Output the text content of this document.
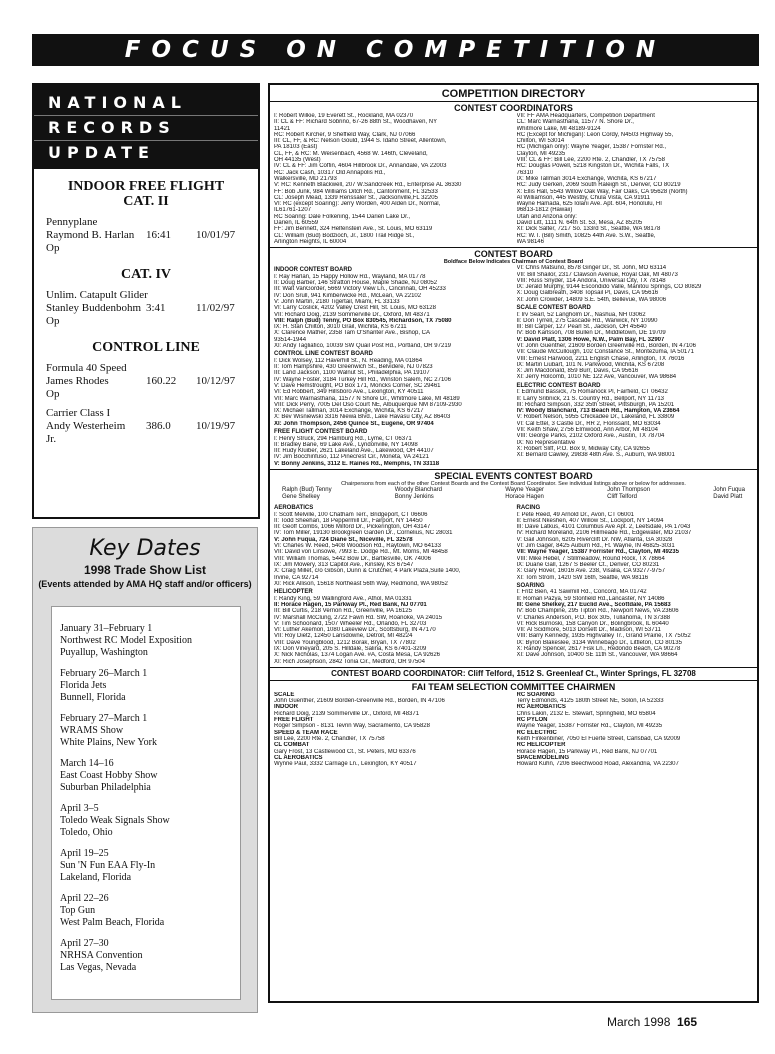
FOCUS ON COMPETITION
NATIONAL
RECORDS
UPDATE
INDOOR FREE FLIGHT
CAT. II
Pennyplane
Raymond B. Harlan 16:41 10/01/97
Op
CAT. IV
Unlim. Catapult Glider
Stanley Buddenbohm 3:41	11/02/97
Op
CONTROL LINE
Formula 40 Speed
James Rhodes	160.22 10/12/97
Op
Carrier Class I
Andy Westerheim 386.0 10/19/97
Jr.
Key Dates
1998 Trade Show List
(Events attended by AMA HQ staff and/or officers)
January 31–February 1
Northwest RC Model Exposition
Puyallup, Washington
February 26–March 1
Florida Jets
Bunnell, Florida
February 27–March 1
WRAMS Show
White Plains, New York
March 14–16
East Coast Hobby Show
Suburban Philadelphia
April 3–5
Toledo Weak Signals Show
Toledo, Ohio
April 19–25
Sun 'N Fun EAA Fly-In
Lakeland, Florida
April 22–26
Top Gun
West Palm Beach, Florida
April 27–30
NRHSA Convention
Las Vegas, Nevada
COMPETITION DIRECTORY
CONTEST COORDINATORS
I: Robert Wilkie, 19 Everett St., Rockland, MA 02370
II: CL & FF: Richard Sobrino, 67-26 88th St., Woodhaven, NY
11421
RC: Robert Kircher, 9 Sheffield Way, Clark, NJ 07066
III: CL, FF, & RC: Nelson Gould, 1944 S. Idaho Street, Allentown,
PA 18103 (East)
CL, FF, & RC: M. Weisenbach, 4568 W. 146th, Cleveland,
OH 44135 (West)
IV: CL & FF: Jim Coffin, 4604 Hillbrook Dr., Annandale, VA 22003
RC: Jack Cash, 10317 Old Annapolis Rd.,
Walkersville, MD 21793
V: RC: Kenneth Blackwell, 207 W.Sandcreek Rd., Enterprise AL 36330
FF: Bob Junk, 984 Williams Ditch Rd., Cantonment, FL 32533
CL: Joseph Mead, 1339 Renssaler St., Jacksonville,FL 32205
VI: RC (except Soaring): Jerry Worden, 400 Alden Dr., Normal,
IL61761-1207
RC Soaring: Dale Folkening, 1544 Darien Lake Dr.,
Darien, IL 60559
FF: Jim Bennett, 324 Helfenstein Ave., St. Louis, MO 63119
CL: William (Bud) Bodzioch, Jr., 1800 Trail Ridge St.,
Arlington Heights, IL 60004
VII: FF AMA Headquarters, Competition Department
CL: Marc Warnasthana, 11577 N. Shore Dr.,
Whitmore Lake, MI 48189-9124
RC (Except for Michigan): Leon Cordy, N4503 Highway 55,
Chilton, WI 53014
RC (Michigan only): Wayne Yeager, 15387 Forrister Rd.,
Clayton, MI 49235
VIII: CL & FF: Bill Lee, 2200 Rte. 2, Chandler, TX 75758
RC: Douglas Powell, 5218 Kingston Dr., Wichita Falls, TX
76310
IX: Mike Tallman 3014 Exchange, Wichita, KS 67217
RC: Judy Gerken, 2069 South Raleigh St., Denver, CO 80219
X: Ellis Hall, 5543 Willow Oak Way, Fair Oaks, CA 95628 (North)
Al Williamson, 445 Westby, Chula Vista, CA 91911
Wayne Hamada, 625 Iolani Ave. Apt. 604, Honolulu, HI
96813-1812 (Hawaii)
Utah and Arizona only:
David Litt, 1111 N. 64th St. 53, Mesa, AZ 85205
XI: Dick Salter, 7217 So. 133rd St., Seattle, WA 98178
RC: W.T. (Bill) Smith, 10825 44th Ave. S.W., Seattle,
WA 98146
CONTEST BOARD
Boldface Below Indicates Chairman of Contest Board
INDOOR CONTEST BOARD
I: Ray Harlan, 15 Happy Hollow Rd., Wayland, MA 01778
II: Doug Barber, 146 Stratton House, Maple Shade, NJ 08052
III: Walt VanGorder, 5669 Victory View Ln., Cincinnati, OH 45233
IV: Don Srull, 941 Kimberwicke Rd., McLean, VA 22102
V: John Martin, 2180 Tigertail, Miami, FL 33133
VI: Larry Coslick, 4202 Valley Crest Hill, St. Louis, MO 63128
VII: Richard Doig, 2139 Sommerville Dr., Oxford, MI 48371
VIII: Ralph (Bud) Tenny, PO Box 830545, Richardson, TX 75080
IX: H. Stan Chilton, 3010 Grail, Wichita, KS 67211
X: Clarence Mather, 2358 Tam O'Shanter Ave., Bishop, CA
93514-1944
XI: Andy Tagliafico, 10039 SW Quail Post Rd., Portland, OR 97219
CONTROL LINE CONTEST BOARD
I: Dick Wolsey, 112 Haverhill St., N. Reading, MA 01864
II: Tom Hampshire, 430 Greenwich St., Belvidere, NJ 07823
III: Larid Jackson, 1100 Walnut St., Philadelphia, PA 19107
IV: Wayne Foster, 3184 Turkey Hill Rd., Winston Salem, NC 27106
V: Dave Hemstrought, PO Box 171, Moncks Corner, SC 29461
VI: Ed Robbert, 349 Hillsboro Ave., Lexington, KY 40511
VII: Marc Warnasthana, 11577 N Shore Dr., Whitmore Lake, MI 48189
VIII: Dick Perry, 7005 Del Oso Court NE, Albuquerque NM 87109-2930
IX: Michael Tallman, 3014 Exchange, Wichita, KS 67217
X: Bev Wisniewski 3316 Niewa Blvd., Lake Havasu City, AZ 86403
XI: John Thompson, 2456 Quince St., Eugene, OR 97404
FREE FLIGHT CONTEST BOARD
I: Henry Struck, 294 Hamburg Rd., Lyme, CT 06371
II: Bradley Bane, 69 Lake Ave., Lyndonville, NY 14098
III: Rudy Kluiber, 2621 Lakeland Ave., Lakewood, OH 44107
IV: Jim Bocchinfuso, 112 Pinecrest Cir., Moneta, VA 24121
V: Bonny Jenkins, 3112 E. Raines Rd., Memphis, TN 33118
VI: Chris Matsuno, 8578 Ginger Dr., St. John, MO 63114
VII: Bill Shailor, 2317 Clawson Avenue, Royal Oak, MI 48073
VIII: Russ Snyder, 114 Andora, Universal City, TX 78148
IX: Jerald Murphy, 9144 Escondido Valle, Manitou Springs, CO 80829
X: Doug Galbreath, 3408 Topsail Pl, Davis, CA 95616
XI: John Crowder, 14809 S.E. 54th, Bellevue, WA 98006
SCALE CONTEST BOARD
I: Irv Searl, 52 Langholm Dr., Nashua, NH 03062
II: Don Tyrrell, 275 Cascade Rd., Warwick, NY 10990
III: Bill Carper, 127 Pearl St., Jackson, OH 45640
IV: Bob Karlsson, 708 Bullen Dr., Middletown, DE 19709
V: David Platt, 1306 Howe, N.W., Palm Bay, FL 32907
VI: John Guenther, 21609 Borden Greenville Rd., Borden, IN 47106
VII: Claude McCullough, 102 Constance St., Montezuma, IA 50171
VIII: Ernest Harwood, 2211 English Chase, Arlington, TX 76016
IX: Martin Liubart, 101 N. Parkwood, Wichita, KS 67208
X: Jim Macdonald, 859 Burr, Davis, CA 95616
XI: Jerry Holcomb, 1010 NE 122 Ave, Vancouver, WA 98684
ELECTRIC CONTEST BOARD
I: Edmund Bassick, 75 Romanock Pl, Fairfield, CT 06432
II: Larry Sribnick, 21 S. Country Rd., Bellport, NY 11713
III: Richard Simpson, 332 35th Street, Pittsburgh, PA 15201
IV: Woody Blanchard, 713 Beach Rd., Hampton, VA 23664
V: Robert Nelson, 5955 Chickadee Dr., Lakeland, FL 33809
VI: Cal Ettel, 3 Castle Dr., RR 2, Florissant, MO 63034
VII: Keith Shaw, 2756 Elmwood, Ann Arbor, MI 48104
VIII: George Parks, 2102 Oxford Ave., Austin, TX 78704
IX: No Representative
X: Robert Sliff, P.O. Box 9, Midway City, CA 92655
XI: Bernard Cawley, 29838 48th Ave. S., Auburn, WA 98001
SPECIAL EVENTS CONTEST BOARD
Chairpersons from each of the other Contest Boards and the Contest Board Coordinator. See individual listings above or below for addresses.
Ralph (Bud) Tenny
Gene Shelkey
Woody Blanchard
Bonny Jenkins
Wayne Yeager
Horace Hagen
John Thompson
Cliff Telford
John Fuqua
David Platt
AEROBATICS
I: Scott Melville, 100 Chatham Terr., Bridgeport, CT 06606
II: Todd Sheehan, 18 Peppermill Dr., Fairport, NY 14450
III: Geoff Combs, 1066 Milford Dr., Pickerington, OH 43147
IV: Tom Miller, 19130 Brookgreen Garden Dr., Cornelius, NC 28031
V: John Fuqua, 724 Diane St., Niceville, FL 32578
VI: Charles W. Reed, 5408 Woodson Rd., Raytown, MO 64133
VII: David von Linsowe, 7993 E. Dodge Rd., Mt. Morris, MI 48458
VIII: William Thomas, 5442 Bow Dr., Bartlesville, OK 74006
IX: Jim Mowery, 313 Capitol Ave., Kinsley, KS 67547
X: Craig Millet, c/o Gibson, Dunn & Crutcher, 4 Park Plaza,Suite 1400,
Irvine, CA 92714
XI: Rick Allison, 15618 Northeast 56th Way, Redmond, WA 98052
HELICOPTER
I: Randy King, 59 Wallingford Ave., Athol, MA 01331
II: Horace Hagen, 15 Parkway Pl., Red Bank, NJ 07701
III: Bill Curtis, 218 Vernon Rd., Greenville, PA 16125
IV: Marshall McClung, 2722 Fawn Rd. SW, Roanoke, VA 24015
V: Tim Schoonard, 1507 Wheeler Rd., Orlando, FL 32703
VI: Luther Akemon, 1080 Lakeview Dr., Scottsburg, IN 47170
VII: Roy Dietz, 12450 Lansdowne, Detroit, MI 48224
VIII: Dave Youngblood, 1212 Borak, Bryan, TX 77802
IX: Don Vineyard, 205 S. Hilldale, Salina, KS 67401-3209
X: Nick Nicholas, 1374 Logan Ave. #A, Costa Mesa, CA 92626
XI: Rich Josephson, 2842 Tonia Cir., Medford, OR 97504
RACING
I: Pete Reed, 49 Arnold Dr., Avon, CT 06001
II: Ernest Nkeshen, 407 Willow St., Lockport, NY 14094
III: Dave Latkus, 4101 Columbus Ave Apt. 2, Leetsdale, PA 17043
IV: Richard Moreland, 2106 Hillmeade Rd., Edgewater, MD 21037
V: Gail Johnson, 6205 Riverclift Dr. NW, Atlanta, GA 30328
VI: Jim Gager, 8425 Auburn Rd., Ft. Wayne, IN 46825-3031
VII: Wayne Yeager, 15387 Forrister Rd., Clayton, MI 49235
VIII: Mike Hebel, 7 Stillmeadow, Round Rock, TX 78664
IX: Duane Gall, 1267 S Beeler Ct., Denver, CO 80231
X: Gary Hover, 16016 Ave. 238, Visalia, CA 93277-9757
XI: Tom Strom, 1420 SW 16th, Seattle, WA 98116
SOARING
I: Fritz Bien, 41 Sawmill Rd., Concord, MA 01742
II: Roman Pazya, 59 Stonfield Rd.,Lancaster, NY 14086
III: Gene Shelkey, 217 Euclid Ave., Scottdale, PA 15683
IV: Bob Champine, 295 Tipton Rd., Newport News, VA 23606
V: Charles Anderson, P.O. Box 305, Tullahoma, TN 37388
VI: Rick Burnoski, 158 Canyon Dr., Bolingbrook, IL 60440
VII: Al Scidmore, 5013 Dorsett Dr., Madison, WI 53711
VIII: Barry Kennedy, 1935 Highvalley Tr., Grand Prairie, TX 75052
IX: Byron Blakeslee, 3134 Winnebago Dr., Littleton, CO 80135
X: Randy Spencer, 2617 Fisk Ln., Redondo Beach, CA 90278
XI: Dave Johnson, 10400 SE 11th St., Vancouver, WA 98664
CONTEST BOARD COORDINATOR: Cliff Telford, 1512 S. Greenleaf Ct., Winter Springs, FL 32708
FAI TEAM SELECTION COMMITTEE CHAIRMEN
SCALE
John Guenther, 21609 Borden-Greenville Rd., Borden, IN 47106
INDOOR
Richard Doig, 2139 Sommerville Dr., Oxford, MI 48371
FREE FLIGHT
Roger Simpson - 8131 Tevrin Way, Sacramento, CA 95828
SPEED & TEAM RACE
Bill Lee, 2200 Rte. 2, Chandler, TX 75758
CL COMBAT
Gary Frost, 13 Castlewood Ct., St. Peters, MO 63376
CL AEROBATICS
Wynne Paul, 3332 Carriage Ln., Lexington, KY 40517
RC SOARING
Terry Edmonds, 4125 180th Street NE, Solon, IA 52333
RC AEROBATICS
Chris Lakin, 2132 E. Stewart, Springfield, MO 65804
RC PYLON
Wayne Yeager, 15387 Forrister Rd., Clayton, MI 49235
RC ELECTRIC
Keith Finkenbiner, 7050 El Fuerte Street, Carlsbad, CA 92009
RC HELICOPTER
Horace Hagen, 15 Parkway Pl., Red Bank, NJ 07701
SPACEMODELING
Howard Kuhn, 7206 Beechwood Road, Alexandria, VA 22307
March 1998 165
